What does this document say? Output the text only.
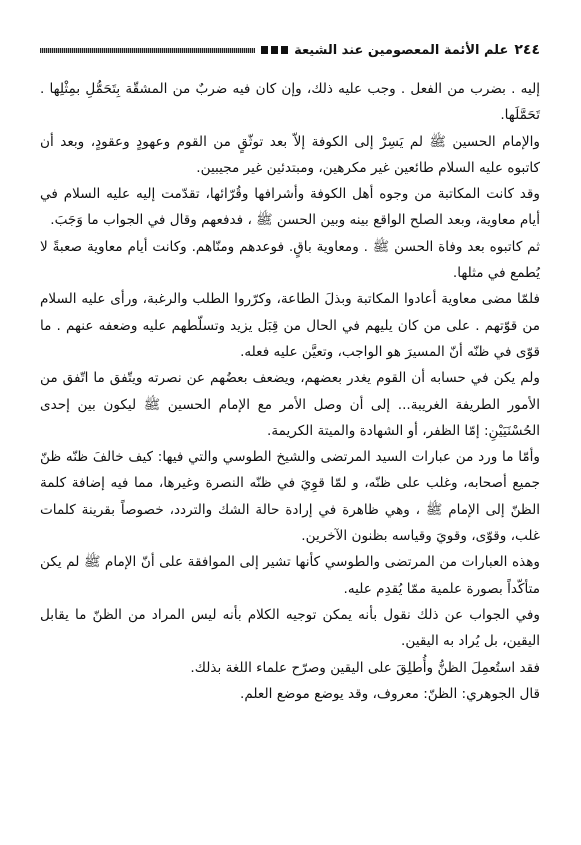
٢٤٤
علم الأئمة المعصومين عند الشيعة

إليه . بضرب من الفعل . وجب عليه ذلك، وإن كان فيه ضربٌ من المشقّة بِتَحَمُّلِ بمِثْلِها . تَحَمَّلَها.

والإمام الحسين ﷺ لم يَسِرْ إلى الكوفة إلاّ بعد توثّقٍ من القوم وعهودٍ وعقودٍ، وبعد أن كاتبوه عليه السلام طائعين غير مكرهين، ومبتدئين غير مجيبين.

وقد كانت المكاتبة من وجوه أهل الكوفة وأشرافها وقُرّائها، تقدّمت إليه عليه السلام في أيام معاوية، وبعد الصلح الواقع بينه وبين الحسن ﷺ ، فدفعهم وقال في الجواب ما وَجَبَ.

ثم كاتبوه بعد وفاة الحسن ﷺ . ومعاوية باقٍ. فوعدهم ومنّاهم. وكانت أيام معاوية صعبةً لا يُطمع في مثلها.

فلمّا مضى معاوية أعادوا المكاتبة وبذلَ الطاعة، وكرّروا الطلب والرغبة، ورأى عليه السلام من قوّتهم . على من كان يليهم في الحال من قِبَل يزيد وتسلّطهم عليه وضعفه عنهم . ما قوّى في ظنّه أنّ المسيرَ هو الواجب، وتعيَّن عليه فعله.

ولم يكن في حسابه أن القوم يغدر بعضهم، ويضعف بعضُهم عن نصرته ويتّفق ما اتّفق من الأمور الطريفة الغريبة... إلى أن وصل الأمر مع الإمام الحسين ﷺ ليكون بين إحدى الحُسْنَيَيْنِ: إمّا الظفر، أو الشهادة والميتة الكريمة.

وأمّا ما ورد من عبارات السيد المرتضى والشيخ الطوسي والتي فيها: كيف خالفَ ظنّه ظنّ جميع أصحابه، وغلب على ظنّه، و لمّا قوِيَ في ظنّه النصرة وغيرها، مما فيه إضافة كلمة الظنّ إلى الإمام ﷺ ، وهي ظاهرة في إرادة حالة الشك والتردد، خصوصاً بقرينة كلمات غلب، وقوّى، وقويَ وقياسه بظنون الآخرين.

وهذه العبارات من المرتضى والطوسي كأنها تشير إلى الموافقة على أنّ الإمام ﷺ لم يكن متأكّداً بصورة علمية ممّا يُقدِم عليه.

وفي الجواب عن ذلك نقول بأنه يمكن توجيه الكلام بأنه ليس المراد من الظنّ ما يقابل اليقين، بل يُراد به اليقين.

فقد استُعمِلَ الظنُّ وأُطلِقَ على اليقين وصرّح علماء اللغة بذلك.

قال الجوهري: الظنّ: معروف، وقد يوضع موضع العلم.
